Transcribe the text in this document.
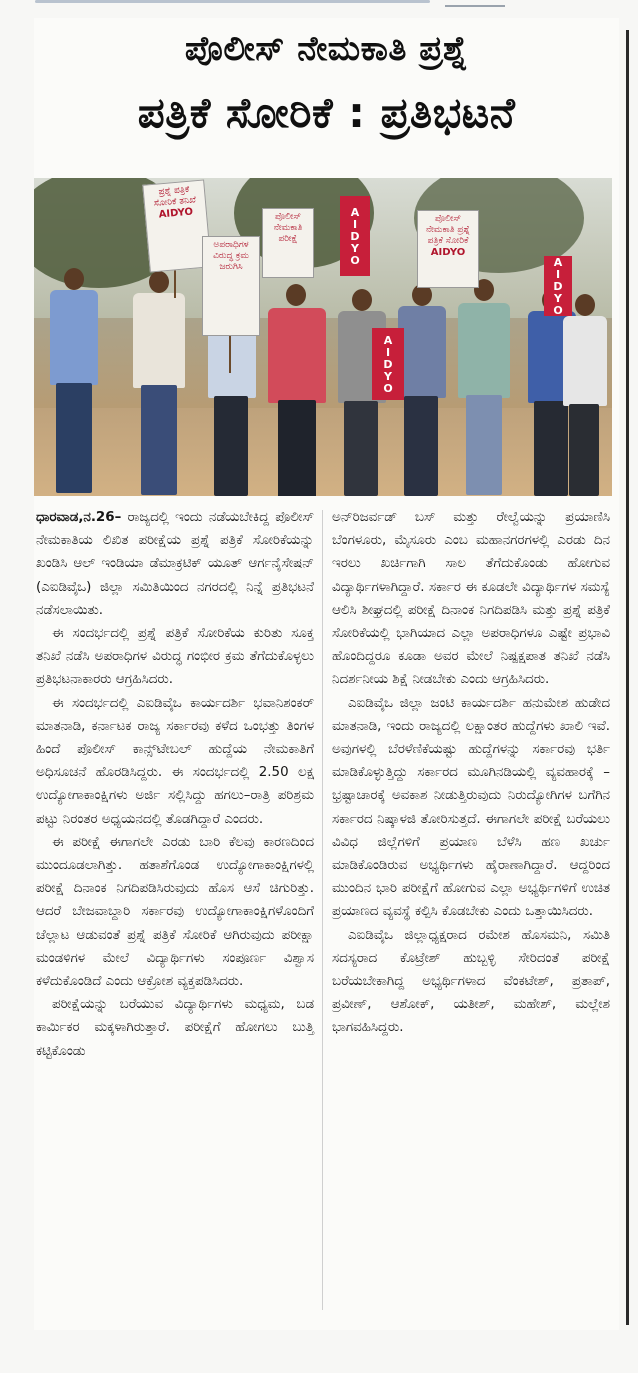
ಪೊಲೀಸ್ ನೇಮಕಾತಿ ಪ್ರಶ್ನೆ
ಪತ್ರಿಕೆ ಸೋರಿಕೆ : ಪ್ರತಿಭಟನೆ
ಪ್ರಶ್ನೆ ಪತ್ರಿಕೆ ಸೋರಿಕೆ ತನಿಖೆ
AIDYO	ಪೊಲೀಸ್ ನೇಮಕಾತಿ ಪರೀಕ್ಷೆ
ಅಪರಾಧಿಗಳ ವಿರುದ್ಧ ಕ್ರಮ ಜರುಗಿಸಿ
ಪೊಲೀಸ್ ನೇಮಕಾತಿ ಪ್ರಶ್ನೆ ಪತ್ರಿಕೆ ಸೋರಿಕೆ
AIDYO
AIDYO
AIDYO
AIDYO

ಧಾರವಾಡ,ನ.26– ರಾಜ್ಯದಲ್ಲಿ ಇಂದು ನಡೆಯಬೇಕಿದ್ದ ಪೊಲೀಸ್ ನೇಮಕಾತಿಯ ಲಿಖಿತ ಪರೀಕ್ಷೆಯ ಪ್ರಶ್ನೆ ಪತ್ರಿಕೆ ಸೋರಿಕೆಯನ್ನು ಖಂಡಿಸಿ ಆಲ್ ಇಂಡಿಯಾ ಡೆಮಾಕ್ರಟಿಕ್ ಯೂತ್ ಆರ್ಗನೈಸೇಷನ್ (ಎಐಡಿವೈಒ) ಜಿಲ್ಲಾ ಸಮಿತಿಯಿಂದ ನಗರದಲ್ಲಿ ನಿನ್ನೆ ಪ್ರತಿಭಟನೆ ನಡೆಸಲಾಯಿತು.

ಈ ಸಂದರ್ಭದಲ್ಲಿ ಪ್ರಶ್ನೆ ಪತ್ರಿಕೆ ಸೋರಿಕೆಯ ಕುರಿತು ಸೂಕ್ತ ತನಿಖೆ ನಡೆಸಿ ಅಪರಾಧಿಗಳ ವಿರುದ್ಧ ಗಂಭೀರ ಕ್ರಮ ತೆಗೆದುಕೊಳ್ಳಲು ಪ್ರತಿಭಟನಾಕಾರರು ಆಗ್ರಹಿಸಿದರು.

ಈ ಸಂದರ್ಭದಲ್ಲಿ ಎಐಡಿವೈಒ ಕಾರ್ಯದರ್ಶಿ ಭವಾನಿಶಂಕರ್ ಮಾತನಾಡಿ, ಕರ್ನಾಟಕ ರಾಜ್ಯ ಸರ್ಕಾರವು ಕಳೆದ ಒಂಭತ್ತು ತಿಂಗಳ ಹಿಂದೆ ಪೊಲೀಸ್ ಕಾನ್ಸ್‌ಟೇಬಲ್ ಹುದ್ದೆಯ ನೇಮಕಾತಿಗೆ ಅಧಿಸೂಚನೆ ಹೊರಡಿಸಿದ್ದರು. ಈ ಸಂದರ್ಭದಲ್ಲಿ 2.50 ಲಕ್ಷ ಉದ್ಯೋಗಾಕಾಂಕ್ಷಿಗಳು ಅರ್ಜಿ ಸಲ್ಲಿಸಿದ್ದು ಹಗಲು–ರಾತ್ರಿ ಪರಿಶ್ರಮ ಪಟ್ಟು ನಿರಂತರ ಅಧ್ಯಯನದಲ್ಲಿ ತೊಡಗಿದ್ದಾರೆ ಎಂದರು.

ಈ ಪರೀಕ್ಷೆ ಈಗಾಗಲೇ ಎರಡು ಬಾರಿ ಕೆಲವು ಕಾರಣದಿಂದ ಮುಂದೂಡಲಾಗಿತ್ತು. ಹತಾಶೆಗೊಂಡ ಉದ್ಯೋಗಾಕಾಂಕ್ಷಿಗಳಲ್ಲಿ ಪರೀಕ್ಷೆ ದಿನಾಂಕ ನಿಗದಿಪಡಿಸಿರುವುದು ಹೊಸ ಆಸೆ ಚಿಗುರಿತ್ತು. ಆದರೆ ಬೇಜವಾಬ್ದಾರಿ ಸರ್ಕಾರವು ಉದ್ಯೋಗಾಕಾಂಕ್ಷಿಗಳೊಂದಿಗೆ ಚೆಲ್ಲಾಟ ಆಡುವಂತೆ ಪ್ರಶ್ನೆ ಪತ್ರಿಕೆ ಸೋರಿಕೆ ಆಗಿರುವುದು ಪರೀಕ್ಷಾ ಮಂಡಳಿಗಳ ಮೇಲೆ ವಿದ್ಯಾರ್ಥಿಗಳು ಸಂಪೂರ್ಣ ವಿಶ್ವಾಸ ಕಳೆದುಕೊಂಡಿದೆ ಎಂದು ಆಕ್ರೋಶ ವ್ಯಕ್ತಪಡಿಸಿದರು.

ಪರೀಕ್ಷೆಯನ್ನು ಬರೆಯುವ ವಿದ್ಯಾರ್ಥಿಗಳು ಮಧ್ಯಮ, ಬಡ ಕಾರ್ಮಿಕರ ಮಕ್ಕಳಾಗಿರುತ್ತಾರೆ. ಪರೀಕ್ಷೆಗೆ ಹೋಗಲು ಬುತ್ತಿ ಕಟ್ಟಿಕೊಂಡು

ಅನ್‌ರಿಜರ್ವಡ್ ಬಸ್ ಮತ್ತು ರೇಲ್ವೆಯನ್ನು ಪ್ರಯಾಣಿಸಿ ಬೆಂಗಳೂರು, ಮೈಸೂರು ಎಂಬ ಮಹಾನಗರಗಳಲ್ಲಿ ಎರಡು ದಿನ ಇರಲು ಖರ್ಚಿಗಾಗಿ ಸಾಲ ತೆಗೆದುಕೊಂಡು ಹೋಗುವ ವಿದ್ಯಾರ್ಥಿಗಳಾಗಿದ್ದಾರೆ. ಸರ್ಕಾರ ಈ ಕೂಡಲೇ ವಿದ್ಯಾರ್ಥಿಗಳ ಸಮಸ್ಯೆ ಆಲಿಸಿ ಶೀಘ್ರದಲ್ಲಿ ಪರೀಕ್ಷೆ ದಿನಾಂಕ ನಿಗದಿಪಡಿಸಿ ಮತ್ತು ಪ್ರಶ್ನೆ ಪತ್ರಿಕೆ ಸೋರಿಕೆಯಲ್ಲಿ ಭಾಗಿಯಾದ ಎಲ್ಲಾ ಅಪರಾಧಿಗಳೂ ಎಷ್ಟೇ ಪ್ರಭಾವಿ ಹೊಂದಿದ್ದರೂ ಕೂಡಾ ಅವರ ಮೇಲೆ ನಿಷ್ಪಕ್ಷಪಾತ ತನಿಖೆ ನಡೆಸಿ ನಿದರ್ಶನೀಯ ಶಿಕ್ಷೆ ನೀಡಬೇಕು ಎಂದು ಆಗ್ರಹಿಸಿದರು.

ಎಐಡಿವೈಒ ಜಿಲ್ಲಾ ಜಂಟಿ ಕಾರ್ಯದರ್ಶಿ ಹನುಮೇಶ ಹುಡೇದ ಮಾತನಾಡಿ, ಇಂದು ರಾಜ್ಯದಲ್ಲಿ ಲಕ್ಷಾಂತರ ಹುದ್ದೆಗಳು ಖಾಲಿ ಇವೆ. ಅವುಗಳಲ್ಲಿ ಬೆರಳೆಣಿಕೆಯಷ್ಟು ಹುದ್ದೆಗಳನ್ನು ಸರ್ಕಾರವು ಭರ್ತಿ ಮಾಡಿಕೊಳ್ಳುತ್ತಿದ್ದು ಸರ್ಕಾರದ ಮೂಗಿನಡಿಯಲ್ಲಿ ವ್ಯವಹಾರಕ್ಕೆ –ಭ್ರಷ್ಟಾಚಾರಕ್ಕೆ ಅವಕಾಶ ನೀಡುತ್ತಿರುವುದು ನಿರುದ್ಯೋಗಿಗಳ ಬಗೆಗಿನ ಸರ್ಕಾರದ ನಿಷ್ಕಾಳಜಿ ತೋರಿಸುತ್ತದೆ. ಈಗಾಗಲೇ ಪರೀಕ್ಷೆ ಬರೆಯಲು ವಿವಿಧ ಜಿಲ್ಲೆಗಳಿಗೆ ಪ್ರಯಾಣ ಬೆಳೆಸಿ ಹಣ ಖರ್ಚು ಮಾಡಿಕೊಂಡಿರುವ ಅಭ್ಯರ್ಥಿಗಳು ಹೈರಾಣಾಗಿದ್ದಾರೆ. ಆದ್ದರಿಂದ ಮುಂದಿನ ಭಾರಿ ಪರೀಕ್ಷೆಗೆ ಹೋಗುವ ಎಲ್ಲಾ ಅಭ್ಯರ್ಥಿಗಳಿಗೆ ಉಚಿತ ಪ್ರಯಾಣದ ವ್ಯವಸ್ಥೆ ಕಲ್ಪಿಸಿ ಕೊಡಬೇಕು ಎಂದು ಒತ್ತಾಯಿಸಿದರು.

ಎಐಡಿವೈಒ ಜಿಲ್ಲಾಧ್ಯಕ್ಷರಾದ ರಮೇಶ ಹೊಸಮನಿ, ಸಮಿತಿ ಸದಸ್ಯರಾದ ಕೊಟ್ರೇಶ್ ಹುಬ್ಬಳ್ಳಿ ಸೇರಿದಂತೆ ಪರೀಕ್ಷೆ ಬರೆಯಬೇಕಾಗಿದ್ದ ಅಭ್ಯರ್ಥಿಗಳಾದ ವೆಂಕಟೇಶ್, ಪ್ರತಾಪ್, ಪ್ರವೀಣ್, ಆಶೋಕ್, ಯತೀಶ್, ಮಹೇಶ್, ಮಲ್ಲೇಶ ಭಾಗವಹಿಸಿದ್ದರು.
